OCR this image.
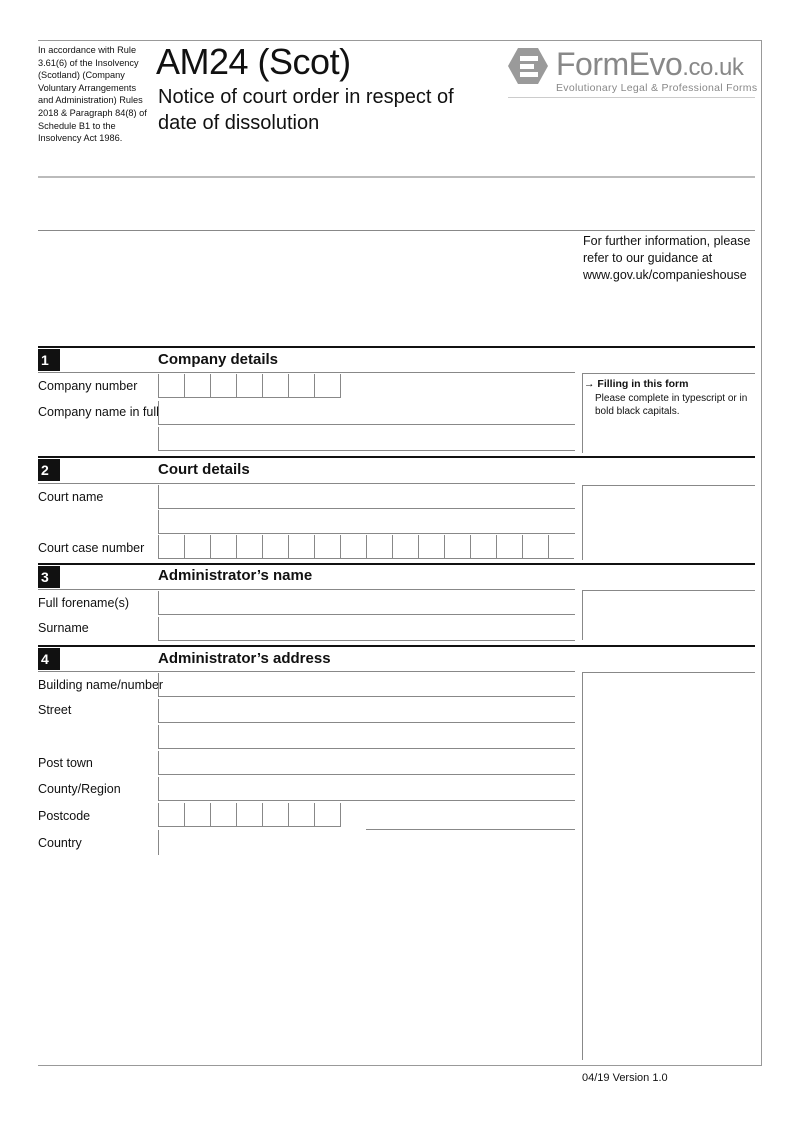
In accordance with Rule 3.61(6) of the Insolvency (Scotland) (Company Voluntary Arrangements and Administration) Rules 2018 & Paragraph 84(8) of Schedule B1 to the Insolvency Act 1986.
AM24 (Scot)
Notice of court order in respect of date of dissolution
FormEvo.co.uk
Evolutionary Legal & Professional Forms
For further information, please refer to our guidance at www.gov.uk/companieshouse
1	Company details
Company number
Company name in full
→ Filling in this form
Please complete in typescript or in bold black capitals.
2	Court details
Court name
Court case number
3	Administrator’s name
Full forename(s)
Surname
4	Administrator’s address
Building name/number
Street
Post town
County/Region
Postcode
Country
04/19 Version 1.0
